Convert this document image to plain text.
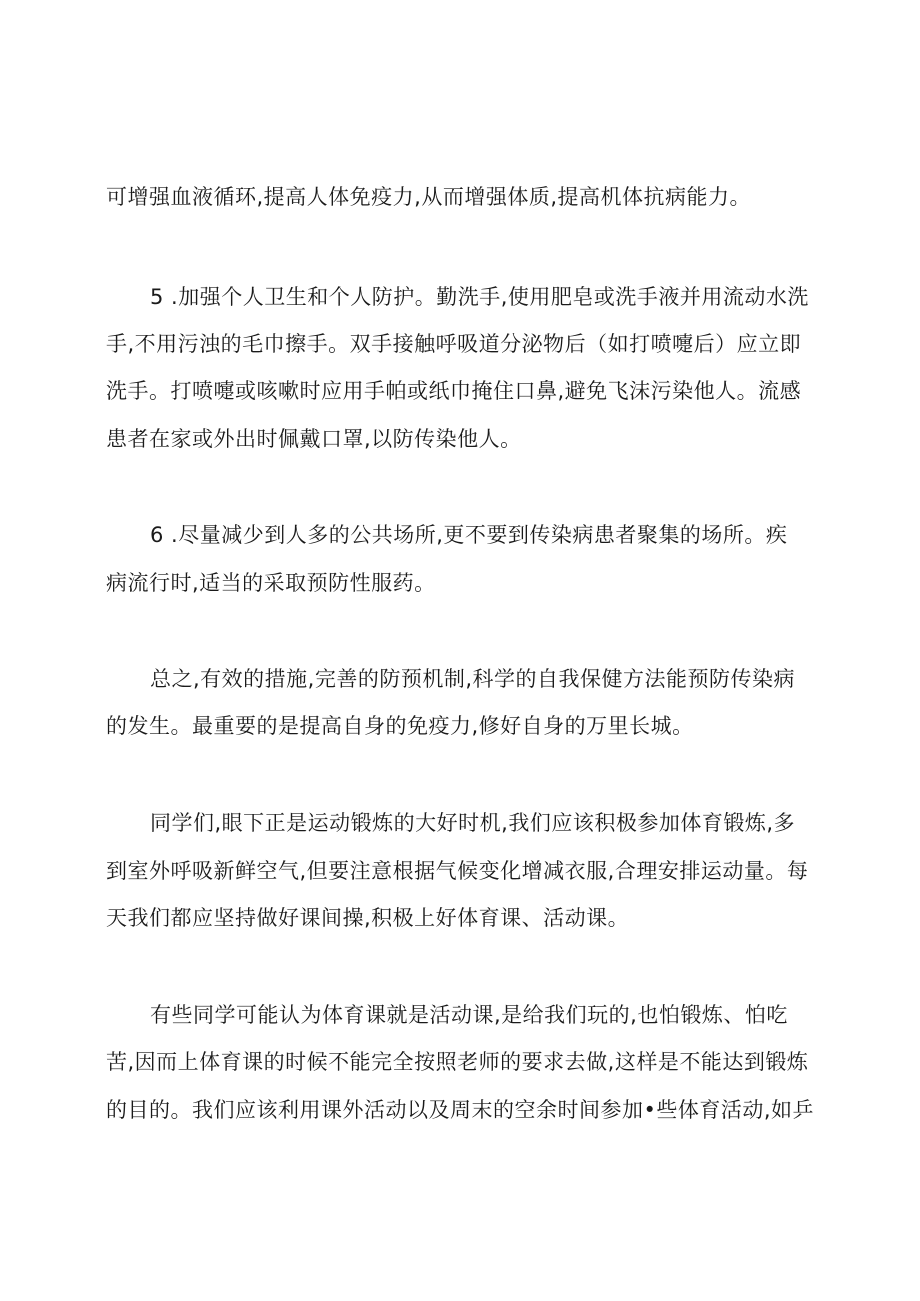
可增强血液循环,提高人体免疫力,从而增强体质,提高机体抗病能力。

5 .加强个人卫生和个人防护。勤洗手,使用肥皂或洗手液并用流动水洗

手,不用污浊的毛巾擦手。双手接触呼吸道分泌物后（如打喷嚏后）应立即

洗手。打喷嚏或咳嗽时应用手帕或纸巾掩住口鼻,避免飞沫污染他人。流感

患者在家或外出时佩戴口罩,以防传染他人。

6 .尽量减少到人多的公共场所,更不要到传染病患者聚集的场所。疾

病流行时,适当的采取预防性服药。

总之,有效的措施,完善的防预机制,科学的自我保健方法能预防传染病

的发生。最重要的是提高自身的免疫力,修好自身的万里长城。

同学们,眼下正是运动锻炼的大好时机,我们应该积极参加体育锻炼,多

到室外呼吸新鲜空气,但要注意根据气候变化增减衣服,合理安排运动量。每

天我们都应坚持做好课间操,积极上好体育课、活动课。

有些同学可能认为体育课就是活动课,是给我们玩的,也怕锻炼、怕吃

苦,因而上体育课的时候不能完全按照老师的要求去做,这样是不能达到锻炼

的目的。我们应该利用课外活动以及周末的空余时间参加•些体育活动,如乒
